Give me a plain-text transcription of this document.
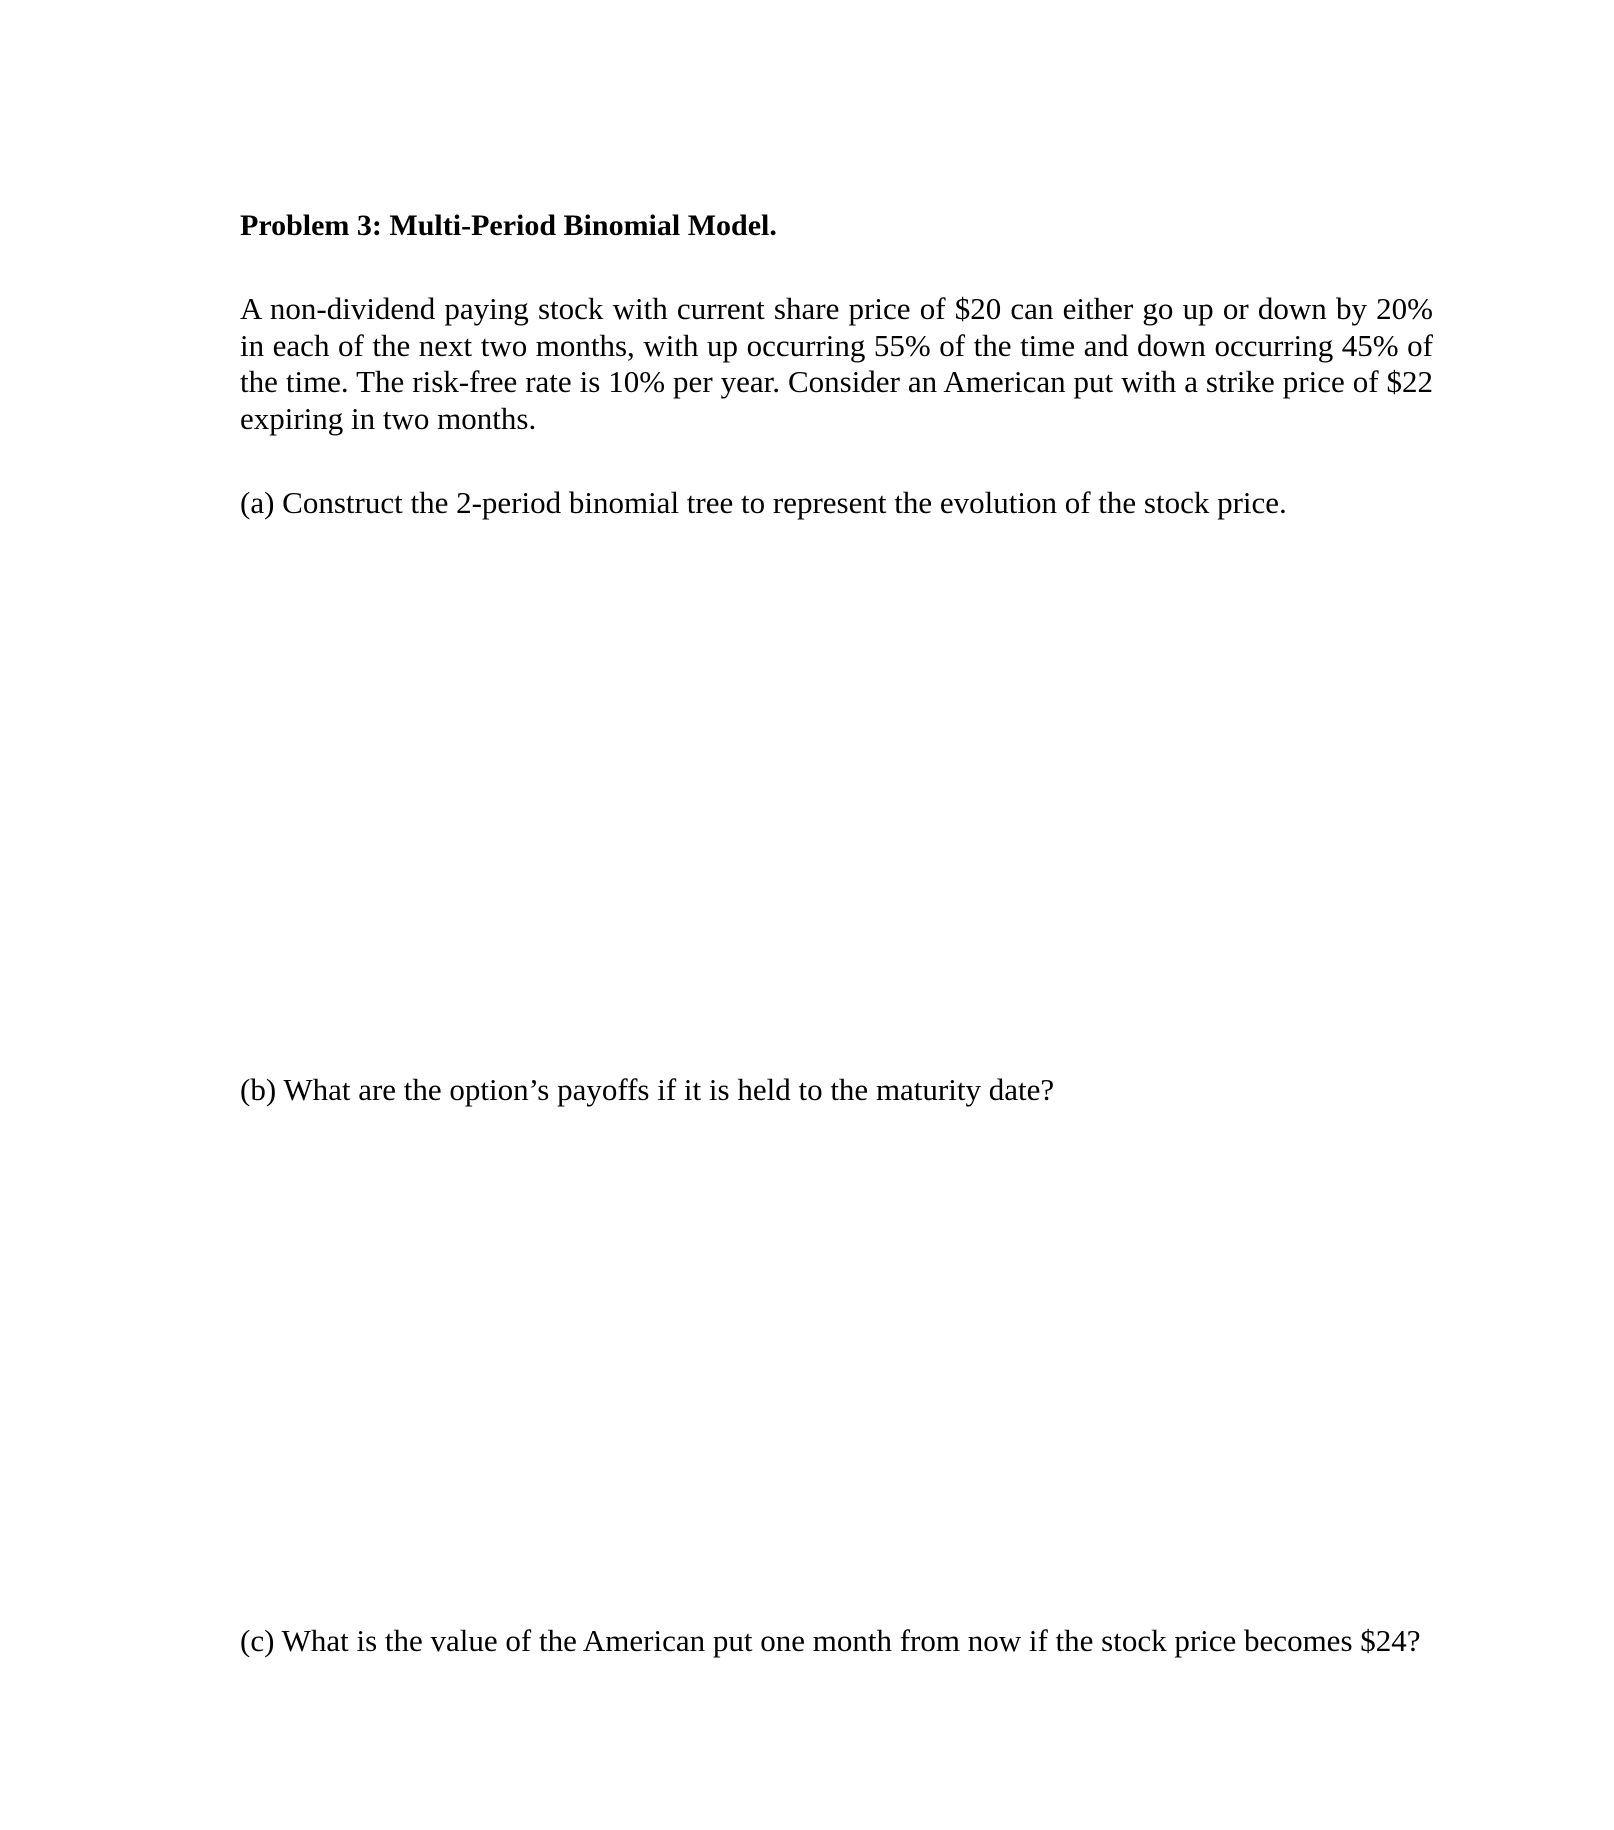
Problem 3: Multi-Period Binomial Model.

A non-dividend paying stock with current share price of $20 can either go up or down by 20% in each of the next two months, with up occurring 55% of the time and down occurring 45% of the time. The risk-free rate is 10% per year. Consider an American put with a strike price of $22 expiring in two months.

(a) Construct the 2-period binomial tree to represent the evolution of the stock price.

(b) What are the option’s payoffs if it is held to the maturity date?

(c) What is the value of the American put one month from now if the stock price becomes $24?
